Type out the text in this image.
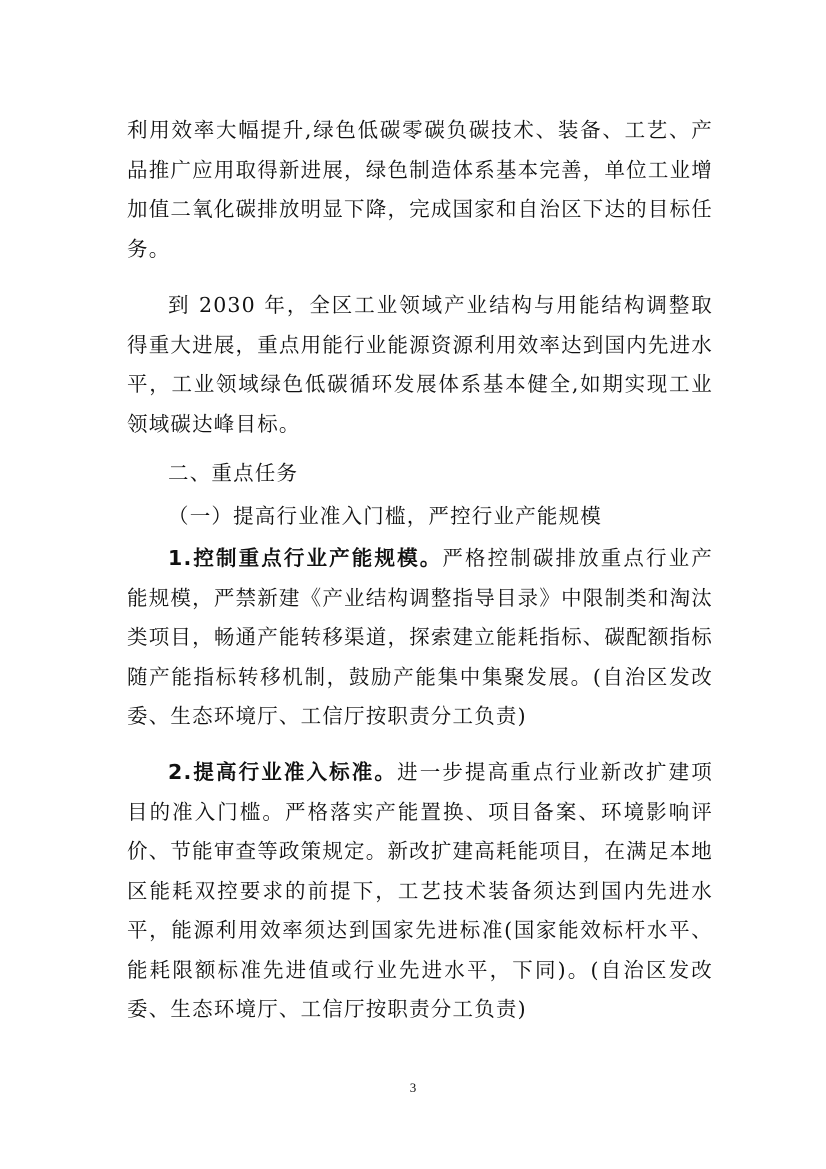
利用效率大幅提升,绿色低碳零碳负碳技术、装备、工艺、产品推广应用取得新进展，绿色制造体系基本完善，单位工业增加值二氧化碳排放明显下降，完成国家和自治区下达的目标任务。

到 2030 年，全区工业领域产业结构与用能结构调整取得重大进展，重点用能行业能源资源利用效率达到国内先进水平，工业领域绿色低碳循环发展体系基本健全,如期实现工业领域碳达峰目标。

二、重点任务

（一）提高行业准入门槛，严控行业产能规模

1.控制重点行业产能规模。严格控制碳排放重点行业产能规模，严禁新建《产业结构调整指导目录》中限制类和淘汰类项目，畅通产能转移渠道，探索建立能耗指标、碳配额指标随产能指标转移机制，鼓励产能集中集聚发展。(自治区发改委、生态环境厅、工信厅按职责分工负责)

2.提高行业准入标准。进一步提高重点行业新改扩建项目的准入门槛。严格落实产能置换、项目备案、环境影响评价、节能审查等政策规定。新改扩建高耗能项目，在满足本地区能耗双控要求的前提下，工艺技术装备须达到国内先进水平，能源利用效率须达到国家先进标准(国家能效标杆水平、能耗限额标准先进值或行业先进水平，下同)。(自治区发改委、生态环境厅、工信厅按职责分工负责)

3
